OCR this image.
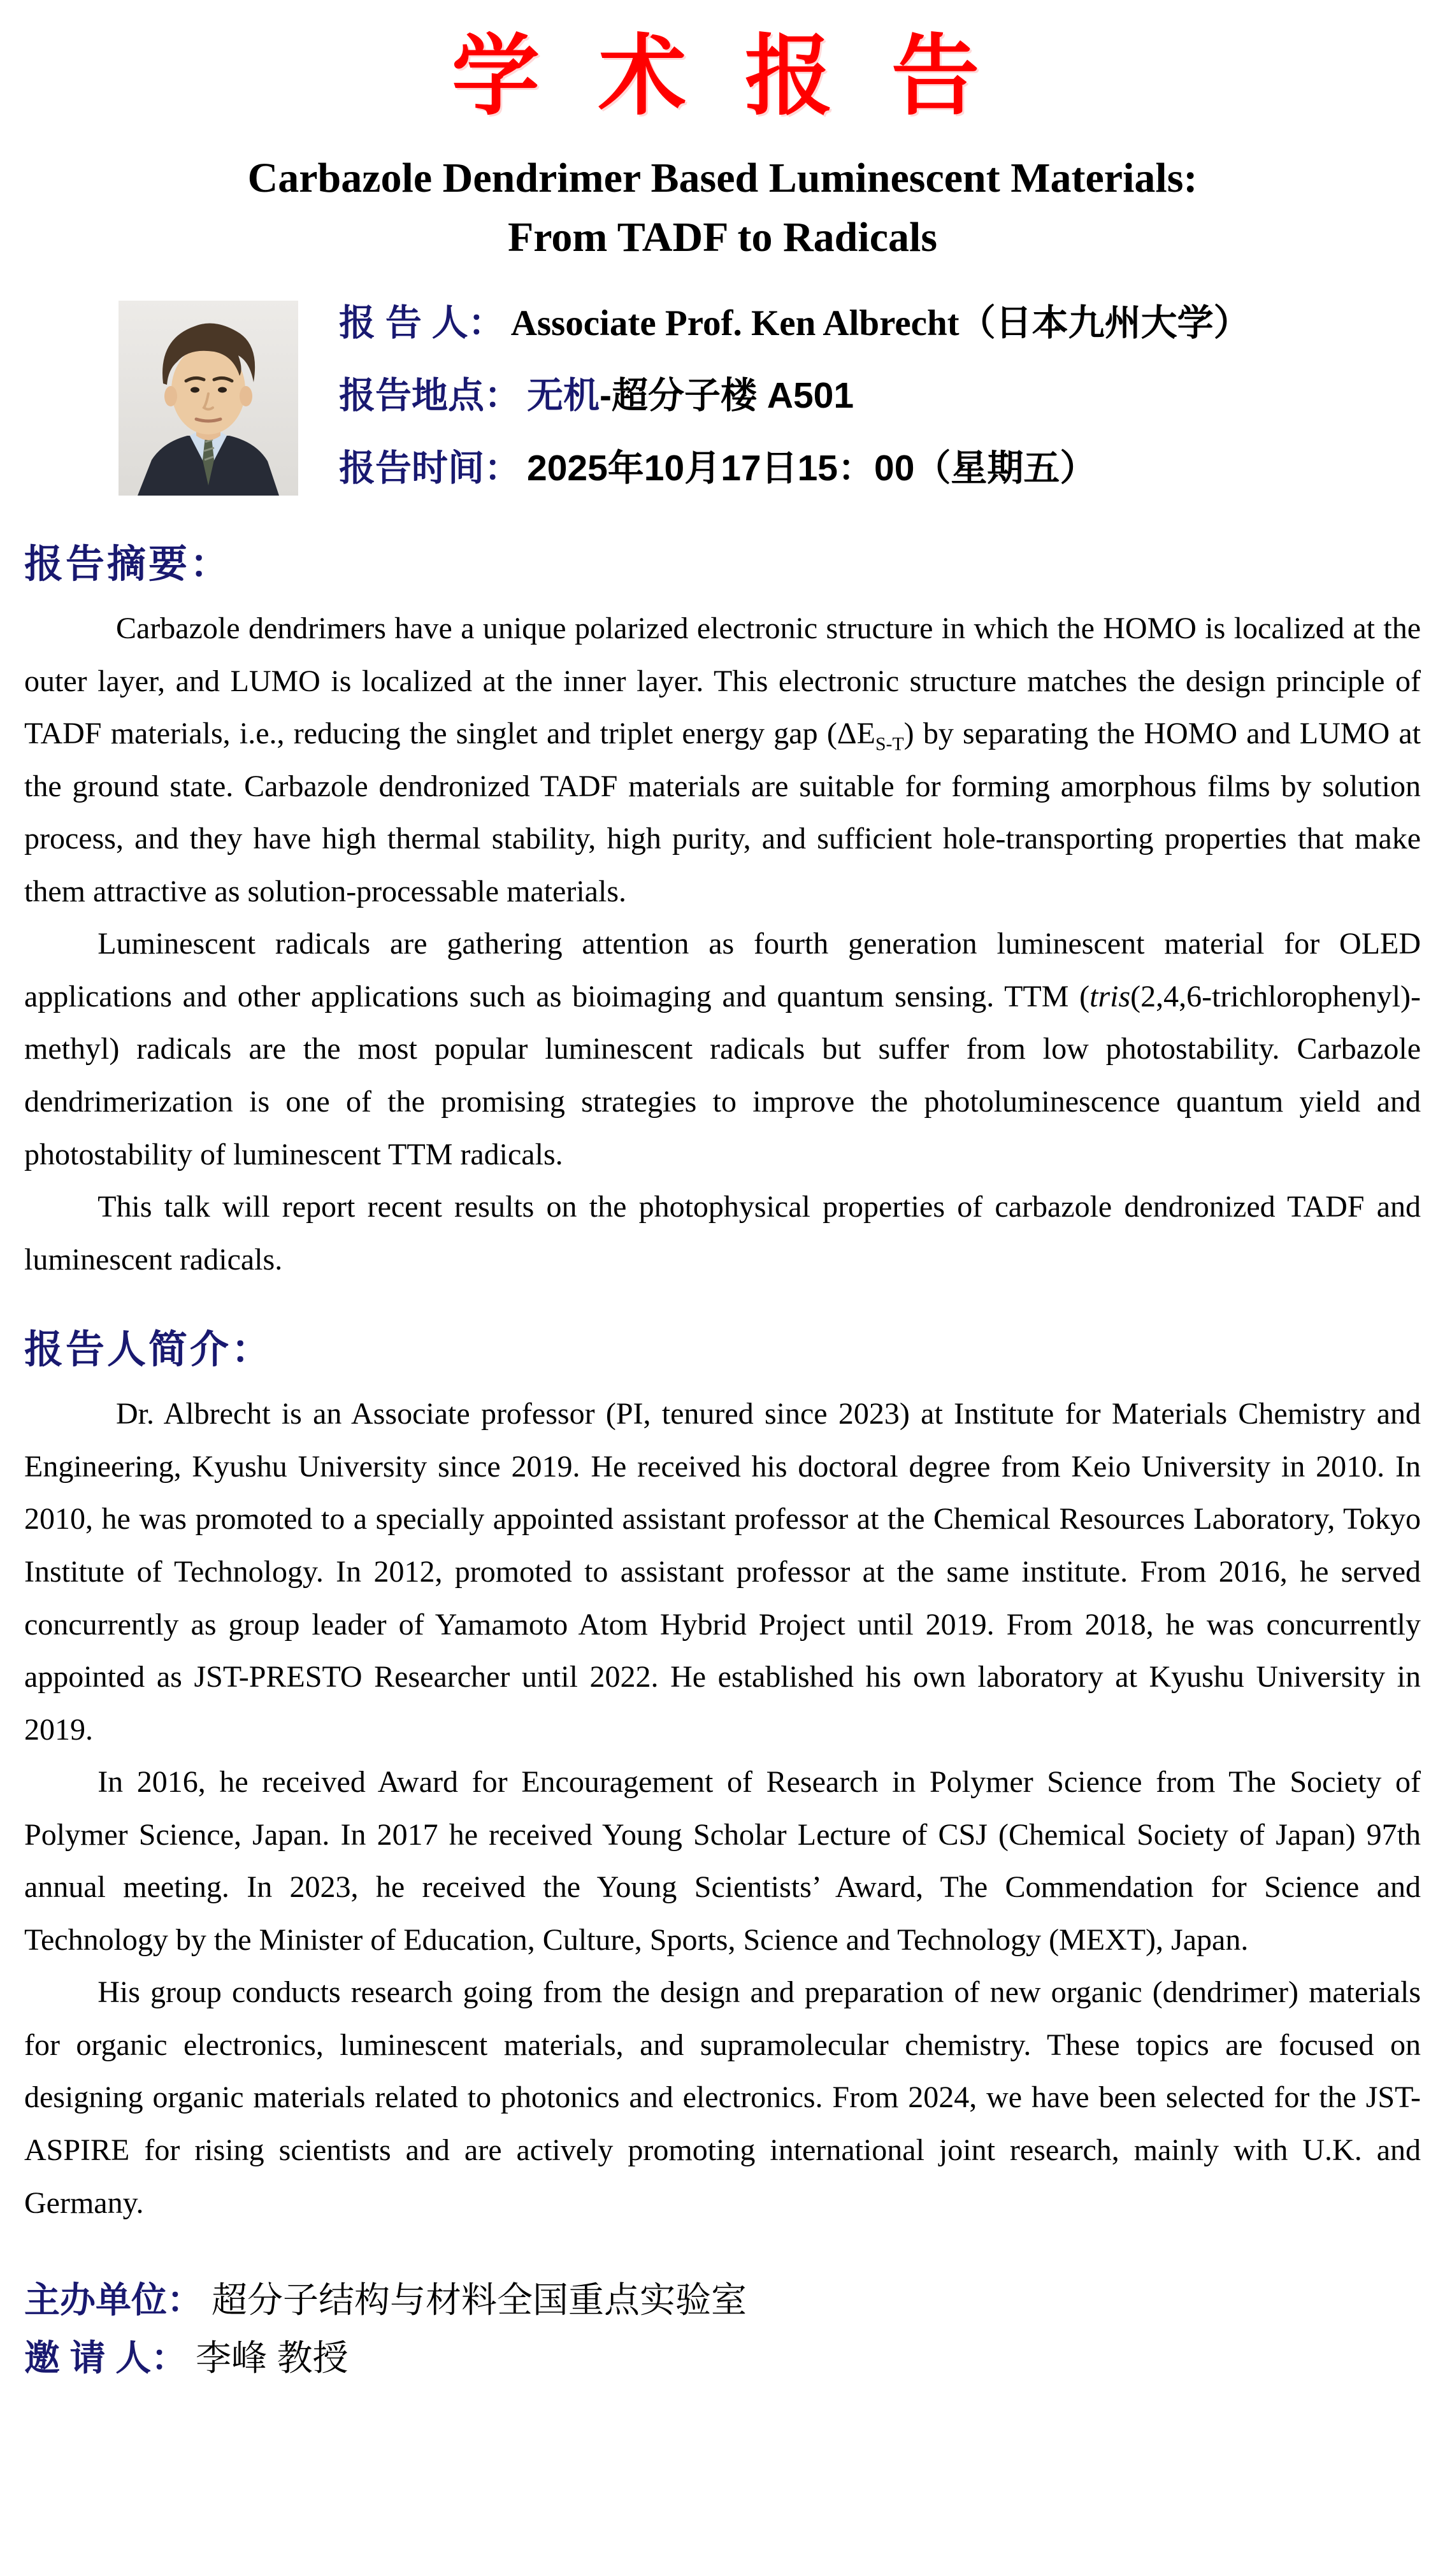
学 术 报 告
Carbazole Dendrimer Based Luminescent Materials:
From TADF to Radicals
报 告 人： Associate Prof. Ken Albrecht（日本九州大学）
报告地点： 无机-超分子楼 A501
报告时间： 2025年10月17日15：00（星期五）
报告摘要：

Carbazole dendrimers have a unique polarized electronic structure in which the HOMO is localized at the outer layer, and LUMO is localized at the inner layer. This electronic structure matches the design principle of TADF materials, i.e., reducing the singlet and triplet energy gap $(\Delta E_{S-T})$ by separating the HOMO and LUMO at the ground state. Carbazole dendronized TADF materials are suitable for forming amorphous films by solution process, and they have high thermal stability, high purity, and sufficient hole-transporting properties that make them attractive as solution-processable materials.

Luminescent radicals are gathering attention as fourth generation luminescent material for OLED applications and other applications such as bioimaging and quantum sensing. TTM (tris(2,4,6-trichlorophenyl)-methyl) radicals are the most popular luminescent radicals but suffer from low photostability. Carbazole dendrimerization is one of the promising strategies to improve the photoluminescence quantum yield and photostability of luminescent TTM radicals.

This talk will report recent results on the photophysical properties of carbazole dendronized TADF and luminescent radicals.

报告人简介：

Dr. Albrecht is an Associate professor (PI, tenured since 2023) at Institute for Materials Chemistry and Engineering, Kyushu University since 2019. He received his doctoral degree from Keio University in 2010. In 2010, he was promoted to a specially appointed assistant professor at the Chemical Resources Laboratory, Tokyo Institute of Technology. In 2012, promoted to assistant professor at the same institute. From 2016, he served concurrently as group leader of Yamamoto Atom Hybrid Project until 2019. From 2018, he was concurrently appointed as JST-PRESTO Researcher until 2022. He established his own laboratory at Kyushu University in 2019.

In 2016, he received Award for Encouragement of Research in Polymer Science from The Society of Polymer Science, Japan. In 2017 he received Young Scholar Lecture of CSJ (Chemical Society of Japan) 97th annual meeting. In 2023, he received the Young Scientists’ Award, The Commendation for Science and Technology by the Minister of Education, Culture, Sports, Science and Technology (MEXT), Japan.

His group conducts research going from the design and preparation of new organic (dendrimer) materials for organic electronics, luminescent materials, and supramolecular chemistry. These topics are focused on designing organic materials related to photonics and electronics. From 2024, we have been selected for the JST-ASPIRE for rising scientists and are actively promoting international joint research, mainly with U.K. and Germany.

主办单位： 超分子结构与材料全国重点实验室
邀 请 人： 李峰 教授
